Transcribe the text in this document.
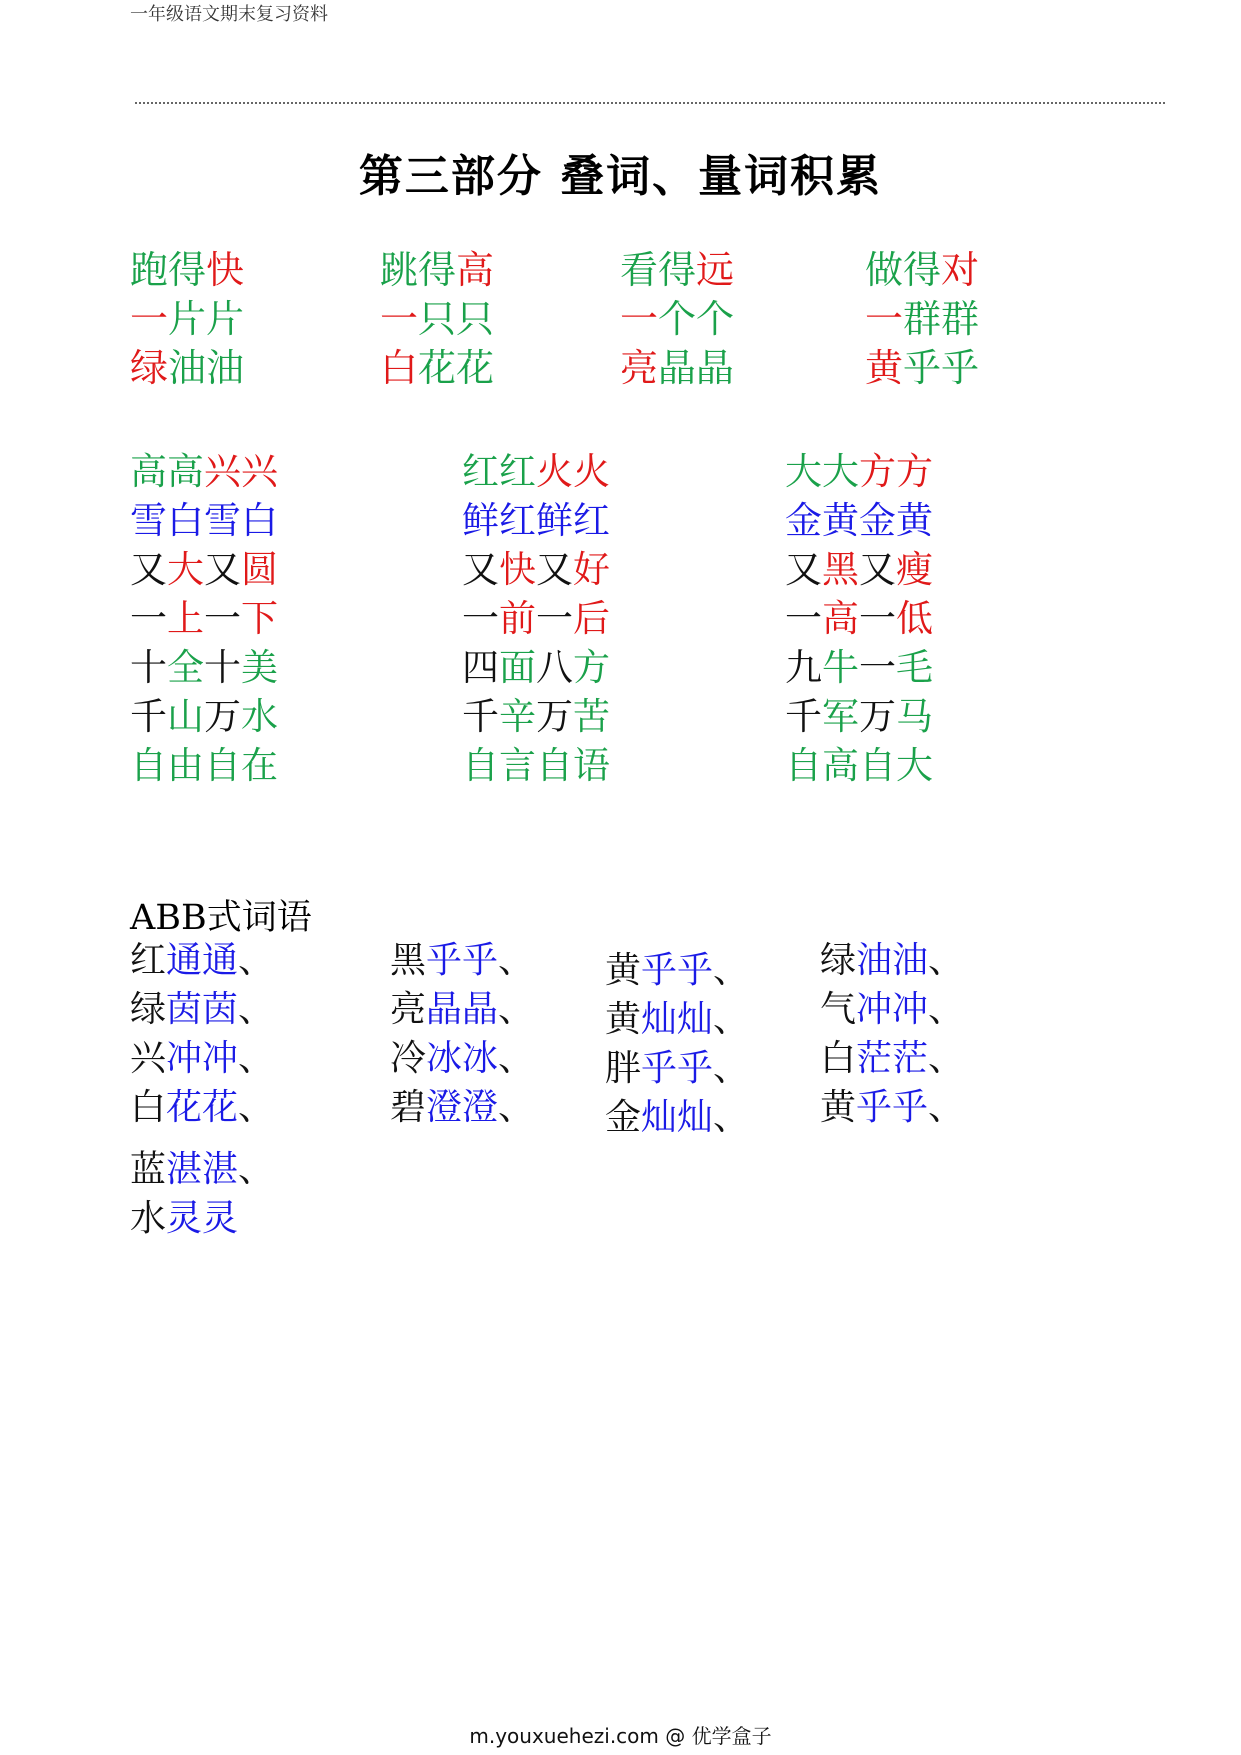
一年级语文期末复习资料
第三部分 叠词、量词积累
跑得快	跳得高	看得远	做得对
一片片	一只只	一个个	一群群
绿油油	白花花	亮晶晶	黄乎乎
高高兴兴	红红火火	大大方方
雪白雪白	鲜红鲜红	金黄金黄
又大又圆	又快又好	又黑又瘦
一上一下	一前一后	一高一低
十全十美	四面八方	九牛一毛
千山万水	千辛万苦	千军万马
自由自在	自言自语	自高自大
ABB式词语
红通通、
绿茵茵、
兴冲冲、
白花花、
蓝湛湛、
水灵灵
黑乎乎、
亮晶晶、
冷冰冰、
碧澄澄、
黄乎乎、
黄灿灿、
胖乎乎、
金灿灿、
绿油油、
气冲冲、
白茫茫、
黄乎乎、
m.youxuehezi.com @ 优学盒子
